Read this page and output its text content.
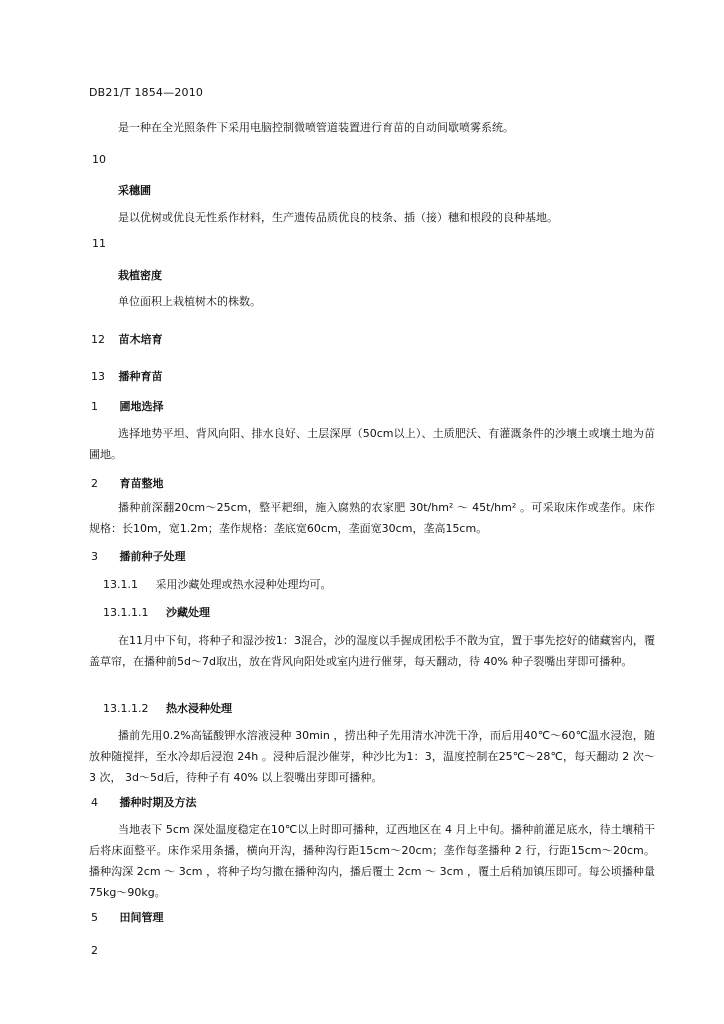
DB21/T 1854—2010
是一种在全光照条件下采用电脑控制微喷管道装置进行育苗的自动间歇喷雾系统。
10
采穗圃
是以优树或优良无性系作材料，生产遗传品质优良的枝条、插（接）穗和根段的良种基地。
11
栽植密度
单位面积上栽植树木的株数。
12 苗木培育
13 播种育苗
1 圃地选择
选择地势平坦、背风向阳、排水良好、土层深厚（50cm以上）、土质肥沃、有灌溉条件的沙壤土或壤土地为苗圃地。
2 育苗整地
播种前深翻20cm～25cm，整平耙细，施入腐熟的农家肥 30t/hm² ～ 45t/hm² 。可采取床作或垄作。床作规格：长10m，宽1.2m；垄作规格：垄底宽60cm，垄面宽30cm，垄高15cm。
3 播前种子处理
13.1.1 采用沙藏处理或热水浸种处理均可。
13.1.1.1 沙藏处理
在11月中下旬，将种子和湿沙按1：3混合，沙的湿度以手握成团松手不散为宜，置于事先挖好的储藏窖内，覆盖草帘，在播种前5d～7d取出，放在背风向阳处或室内进行催芽，每天翻动，待 40% 种子裂嘴出芽即可播种。
13.1.1.2 热水浸种处理
播前先用0.2%高锰酸钾水溶液浸种 30min ，捞出种子先用清水冲洗干净，而后用40℃～60℃温水浸泡，随放种随搅拌，至水冷却后浸泡 24h 。浸种后混沙催芽，种沙比为1：3，温度控制在25℃～28℃，每天翻动 2 次～ 3 次， 3d～5d后，待种子有 40% 以上裂嘴出芽即可播种。
4 播种时期及方法
当地表下 5cm 深处温度稳定在10℃以上时即可播种，辽西地区在 4 月上中旬。播种前灌足底水，待土壤稍干后将床面整平。床作采用条播，横向开沟，播种沟行距15cm～20cm；垄作每垄播种 2 行，行距15cm～20cm。播种沟深 2cm ～ 3cm ，将种子均匀撒在播种沟内，播后覆土 2cm ～ 3cm ，覆土后稍加镇压即可。每公顷播种量75kg～90kg。
5 田间管理
2
